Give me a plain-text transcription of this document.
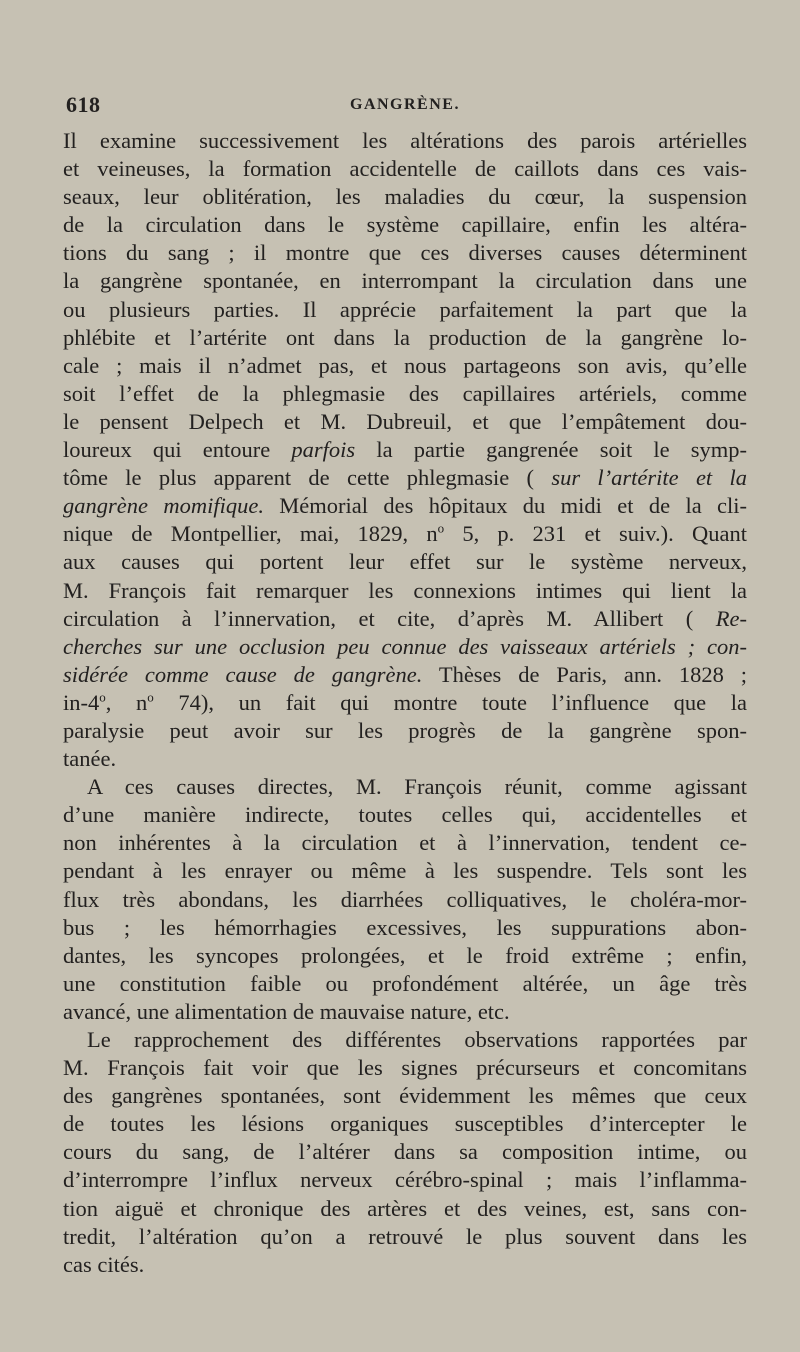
618	GANGRÈNE.
Il examine successivement les altérations des parois artérielles
et veineuses, la formation accidentelle de caillots dans ces vais-
seaux, leur oblitération, les maladies du cœur, la suspension
de la circulation dans le système capillaire, enfin les altéra-
tions du sang ; il montre que ces diverses causes déterminent
la gangrène spontanée, en interrompant la circulation dans une
ou plusieurs parties. Il apprécie parfaitement la part que la
phlébite et l’artérite ont dans la production de la gangrène lo-
cale ; mais il n’admet pas, et nous partageons son avis, qu’elle
soit l’effet de la phlegmasie des capillaires artériels, comme
le pensent Delpech et M. Dubreuil, et que l’empâtement dou-
loureux qui entoure parfois la partie gangrenée soit le symp-
tôme le plus apparent de cette phlegmasie ( sur l’artérite et la
gangrène momifique. Mémorial des hôpitaux du midi et de la cli-
nique de Montpellier, mai, 1829, $n^o$ 5, p. 231 et suiv.). Quant
aux causes qui portent leur effet sur le système nerveux,
M. François fait remarquer les connexions intimes qui lient la
circulation à l’innervation, et cite, d’après M. Allibert ( Re-
cherches sur une occlusion peu connue des vaisseaux artériels ; con-
sidérée comme cause de gangrène. Thèses de Paris, ann. 1828 ;
in-4$^o$, $n^o$ 74), un fait qui montre toute l’influence que la
paralysie peut avoir sur les progrès de la gangrène spon-
tanée.
A ces causes directes, M. François réunit, comme agissant
d’une manière indirecte, toutes celles qui, accidentelles et
non inhérentes à la circulation et à l’innervation, tendent ce-
pendant à les enrayer ou même à les suspendre. Tels sont les
flux très abondans, les diarrhées colliquatives, le choléra-mor-
bus ; les hémorrhagies excessives, les suppurations abon-
dantes, les syncopes prolongées, et le froid extrême ; enfin,
une constitution faible ou profondément altérée, un âge très
avancé, une alimentation de mauvaise nature, etc.
Le rapprochement des différentes observations rapportées par
M. François fait voir que les signes précurseurs et concomitans
des gangrènes spontanées, sont évidemment les mêmes que ceux
de toutes les lésions organiques susceptibles d’intercepter le
cours du sang, de l’altérer dans sa composition intime, ou
d’interrompre l’influx nerveux cérébro-spinal ; mais l’inflamma-
tion aiguë et chronique des artères et des veines, est, sans con-
tredit, l’altération qu’on a retrouvé le plus souvent dans les
cas cités.
